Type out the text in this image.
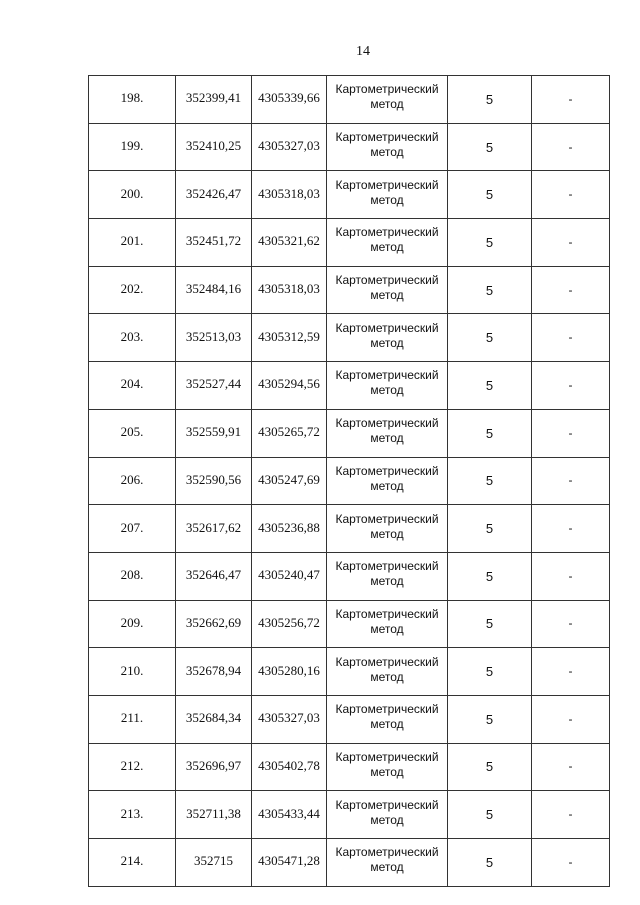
14
198.	352399,41	4305339,66	Картометрический
метод	5	-
199.	352410,25	4305327,03	Картометрический
метод	5	-
200.	352426,47	4305318,03	Картометрический
метод	5	-
201.	352451,72	4305321,62	Картометрический
метод	5	-
202.	352484,16	4305318,03	Картометрический
метод	5	-
203.	352513,03	4305312,59	Картометрический
метод	5	-
204.	352527,44	4305294,56	Картометрический
метод	5	-
205.	352559,91	4305265,72	Картометрический
метод	5	-
206.	352590,56	4305247,69	Картометрический
метод	5	-
207.	352617,62	4305236,88	Картометрический
метод	5	-
208.	352646,47	4305240,47	Картометрический
метод	5	-
209.	352662,69	4305256,72	Картометрический
метод	5	-
210.	352678,94	4305280,16	Картометрический
метод	5	-
211.	352684,34	4305327,03	Картометрический
метод	5	-
212.	352696,97	4305402,78	Картометрический
метод	5	-
213.	352711,38	4305433,44	Картометрический
метод	5	-
214.	352715	4305471,28	Картометрический
метод	5	-
